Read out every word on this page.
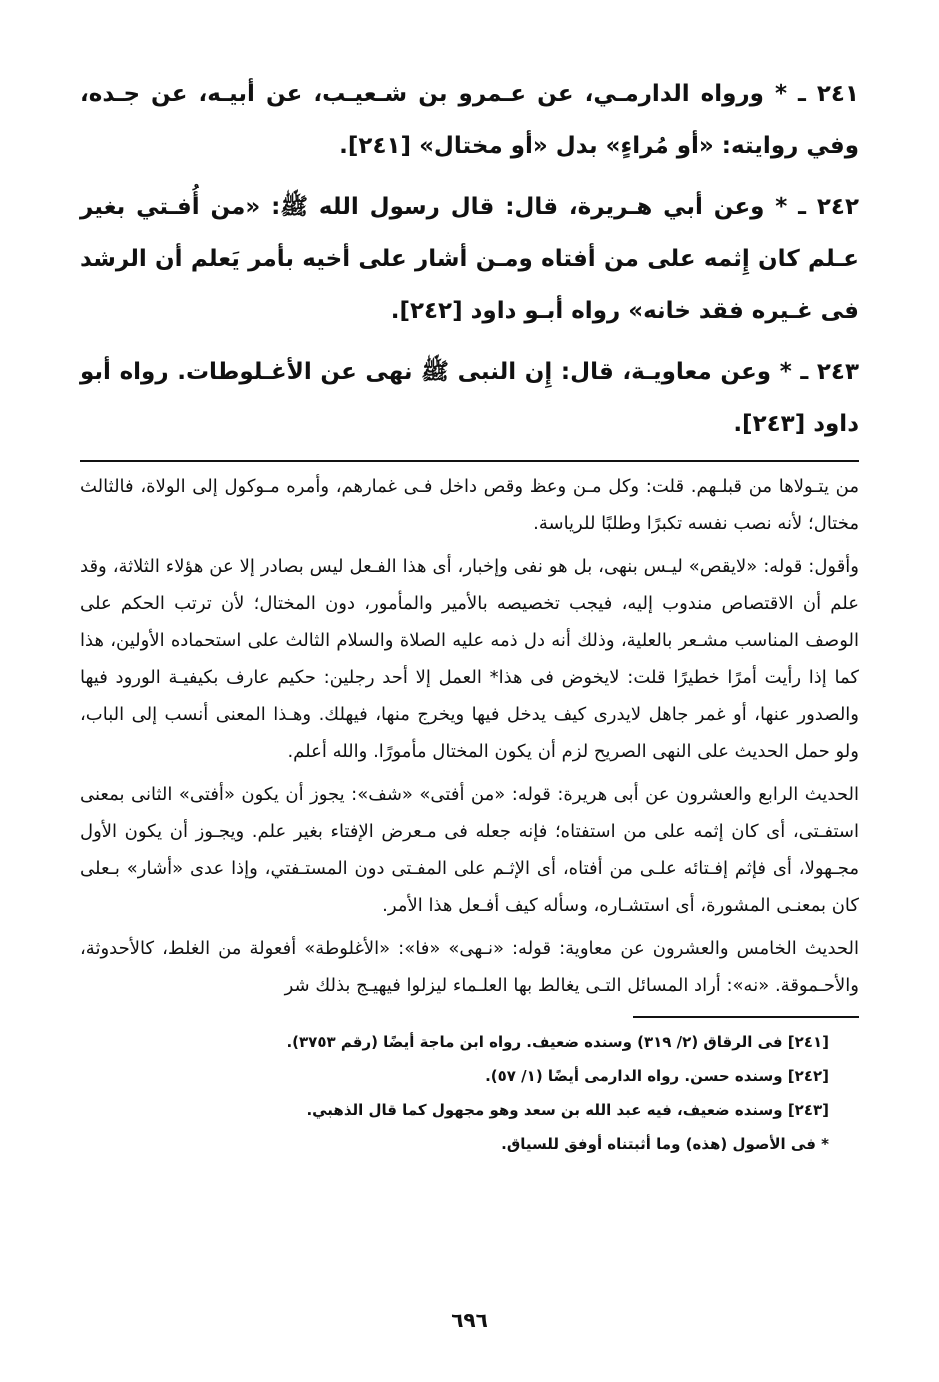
٢٤١ ـ * ورواه الدارمـي، عن عـمرو بن شـعيـب، عن أبيـه، عن جـده، وفي روايته: «أو مُراءٍ» بدل «أو مختال» [٢٤١].

٢٤٢ ـ * وعن أبي هـريرة، قال: قال رسول الله ﷺ: «من أُفـتي بغير عـلم كان إِثمه على من أفتاه ومـن أشار على أخيه بأمر يَعلم أن الرشد فى غـيره فقد خانه» رواه أبـو داود [٢٤٢].

٢٤٣ ـ * وعن معاويـة، قال: إِن النبى ﷺ نهى عن الأغـلوطات. رواه أبو داود [٢٤٣].

من يتـولاها من قبلـهم. قلت: وكل مـن وعظ وقص داخل فـى غمارهم، وأمره مـوكول إلى الولاة، فالثالث مختال؛ لأنه نصب نفسه تكبرًا وطلبًا للرياسة.

وأقول: قوله: «لايقص» ليـس بنهى، بل هو نفى وإخبار، أى هذا الفـعل ليس بصادر إلا عن هؤلاء الثلاثة، وقد علم أن الاقتصاص مندوب إليه، فيجب تخصيصه بالأمير والمأمور، دون المختال؛ لأن ترتب الحكم على الوصف المناسب مشـعر بالعلية، وذلك أنه دل ذمه عليه الصلاة والسلام الثالث على استحماده الأولين، هذا كما إذا رأيت أمرًا خطيرًا قلت: لايخوض فى هذا* العمل إلا أحد رجلين: حكيم عارف بكيفيـة الورود فيها والصدور عنها، أو غمر جاهل لايدرى كيف يدخل فيها ويخرج منها، فيهلك. وهـذا المعنى أنسب إلى الباب، ولو حمل الحديث على النهى الصريح لزم أن يكون المختال مأمورًا. والله أعلم.

الحديث الرابع والعشرون عن أبى هريرة: قوله: «من أفتى» «شف»: يجوز أن يكون «أفتى» الثانى بمعنى استفـتى، أى كان إثمه على من استفتاه؛ فإنه جعله فى مـعرض الإفتاء بغير علم. ويجـوز أن يكون الأول مجـهولا، أى فإثم إفـتائه علـى من أفتاه، أى الإثـم على المفـتى دون المستـفتي، وإذا عدى «أشار» بـعلى كان بمعنـى المشورة، أى استشـاره، وسأله كيف أفـعل هذا الأمر.

الحديث الخامس والعشرون عن معاوية: قوله: «نـهى» «فا»: «الأغلوطة» أفعولة من الغلط، كالأحدوثة، والأحـموقة. «نه»: أراد المسائل التـى يغالط بها العلـماء ليزلوا فيهيـج بذلك شر

[٢٤١] فى الرقاق (٢/ ٣١٩) وسنده ضعيف. رواه ابن ماجة أيضًا (رقم ٣٧٥٣).

[٢٤٢] وسنده حسن. رواه الدارمى أيضًا (١/ ٥٧).

[٢٤٣] وسنده ضعيف، فيه عبد الله بن سعد وهو مجهول كما قال الذهبي.

* فى الأصول (هذه) وما أثبتناه أوفق للسياق.

٦٩٦
